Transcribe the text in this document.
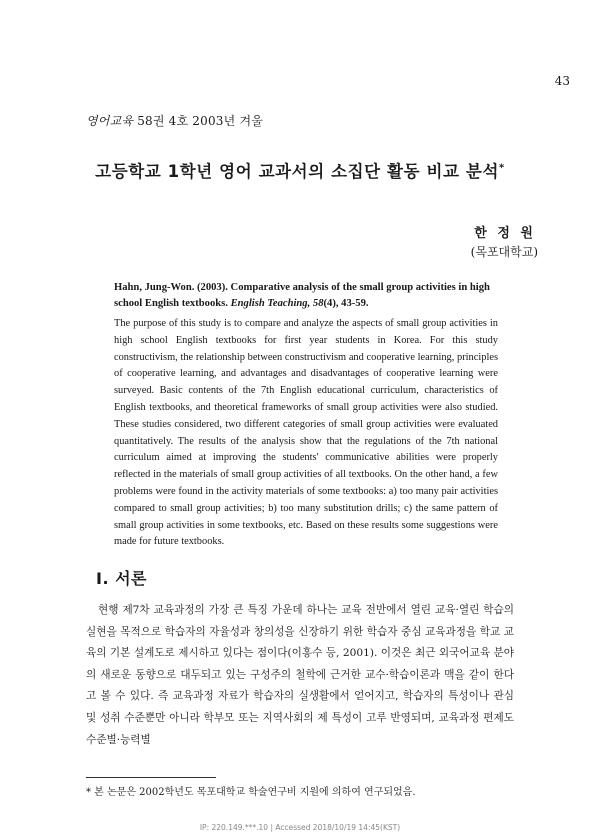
43
영어교육 58권 4호 2003년 겨울
고등학교 1학년 영어 교과서의 소집단 활동 비교 분석*
한 정 원
(목포대학교)
Hahn, Jung-Won. (2003). Comparative analysis of the small group activities in high school English textbooks. English Teaching, 58(4), 43-59.
The purpose of this study is to compare and analyze the aspects of small group activities in high school English textbooks for first year students in Korea. For this study constructivism, the relationship between constructivism and cooperative learning, principles of cooperative learning, and advantages and disadvantages of cooperative learning were surveyed. Basic contents of the 7th English educational curriculum, characteristics of English textbooks, and theoretical frameworks of small group activities were also studied. These studies considered, two different categories of small group activities were evaluated quantitatively. The results of the analysis show that the regulations of the 7th national curriculum aimed at improving the students' communicative abilities were properly reflected in the materials of small group activities of all textbooks. On the other hand, a few problems were found in the activity materials of some textbooks: a) too many pair activities compared to small group activities; b) too many substitution drills; c) the same pattern of small group activities in some textbooks, etc. Based on these results some suggestions were made for future textbooks.
I. 서론
현행 제7차 교육과정의 가장 큰 특징 가운데 하나는 교육 전반에서 열린 교육·열린 학습의 실현을 목적으로 학습자의 자율성과 창의성을 신장하기 위한 학습자 중심 교육과정을 학교 교육의 기본 설계도로 제시하고 있다는 점이다(이홍수 등, 2001). 이것은 최근 외국어교육 분야의 새로운 동향으로 대두되고 있는 구성주의 철학에 근거한 교수·학습이론과 맥을 같이 한다고 볼 수 있다. 즉 교육과정 자료가 학습자의 실생활에서 얻어지고, 학습자의 특성이나 관심 및 성취 수준뿐만 아니라 학부모 또는 지역사회의 제 특성이 고루 반영되며, 교육과정 편제도 수준별·능력별
* 본 논문은 2002학년도 목포대학교 학술연구비 지원에 의하여 연구되었음.
IP: 220.149.***.10 | Accessed 2018/10/19 14:45(KST)
